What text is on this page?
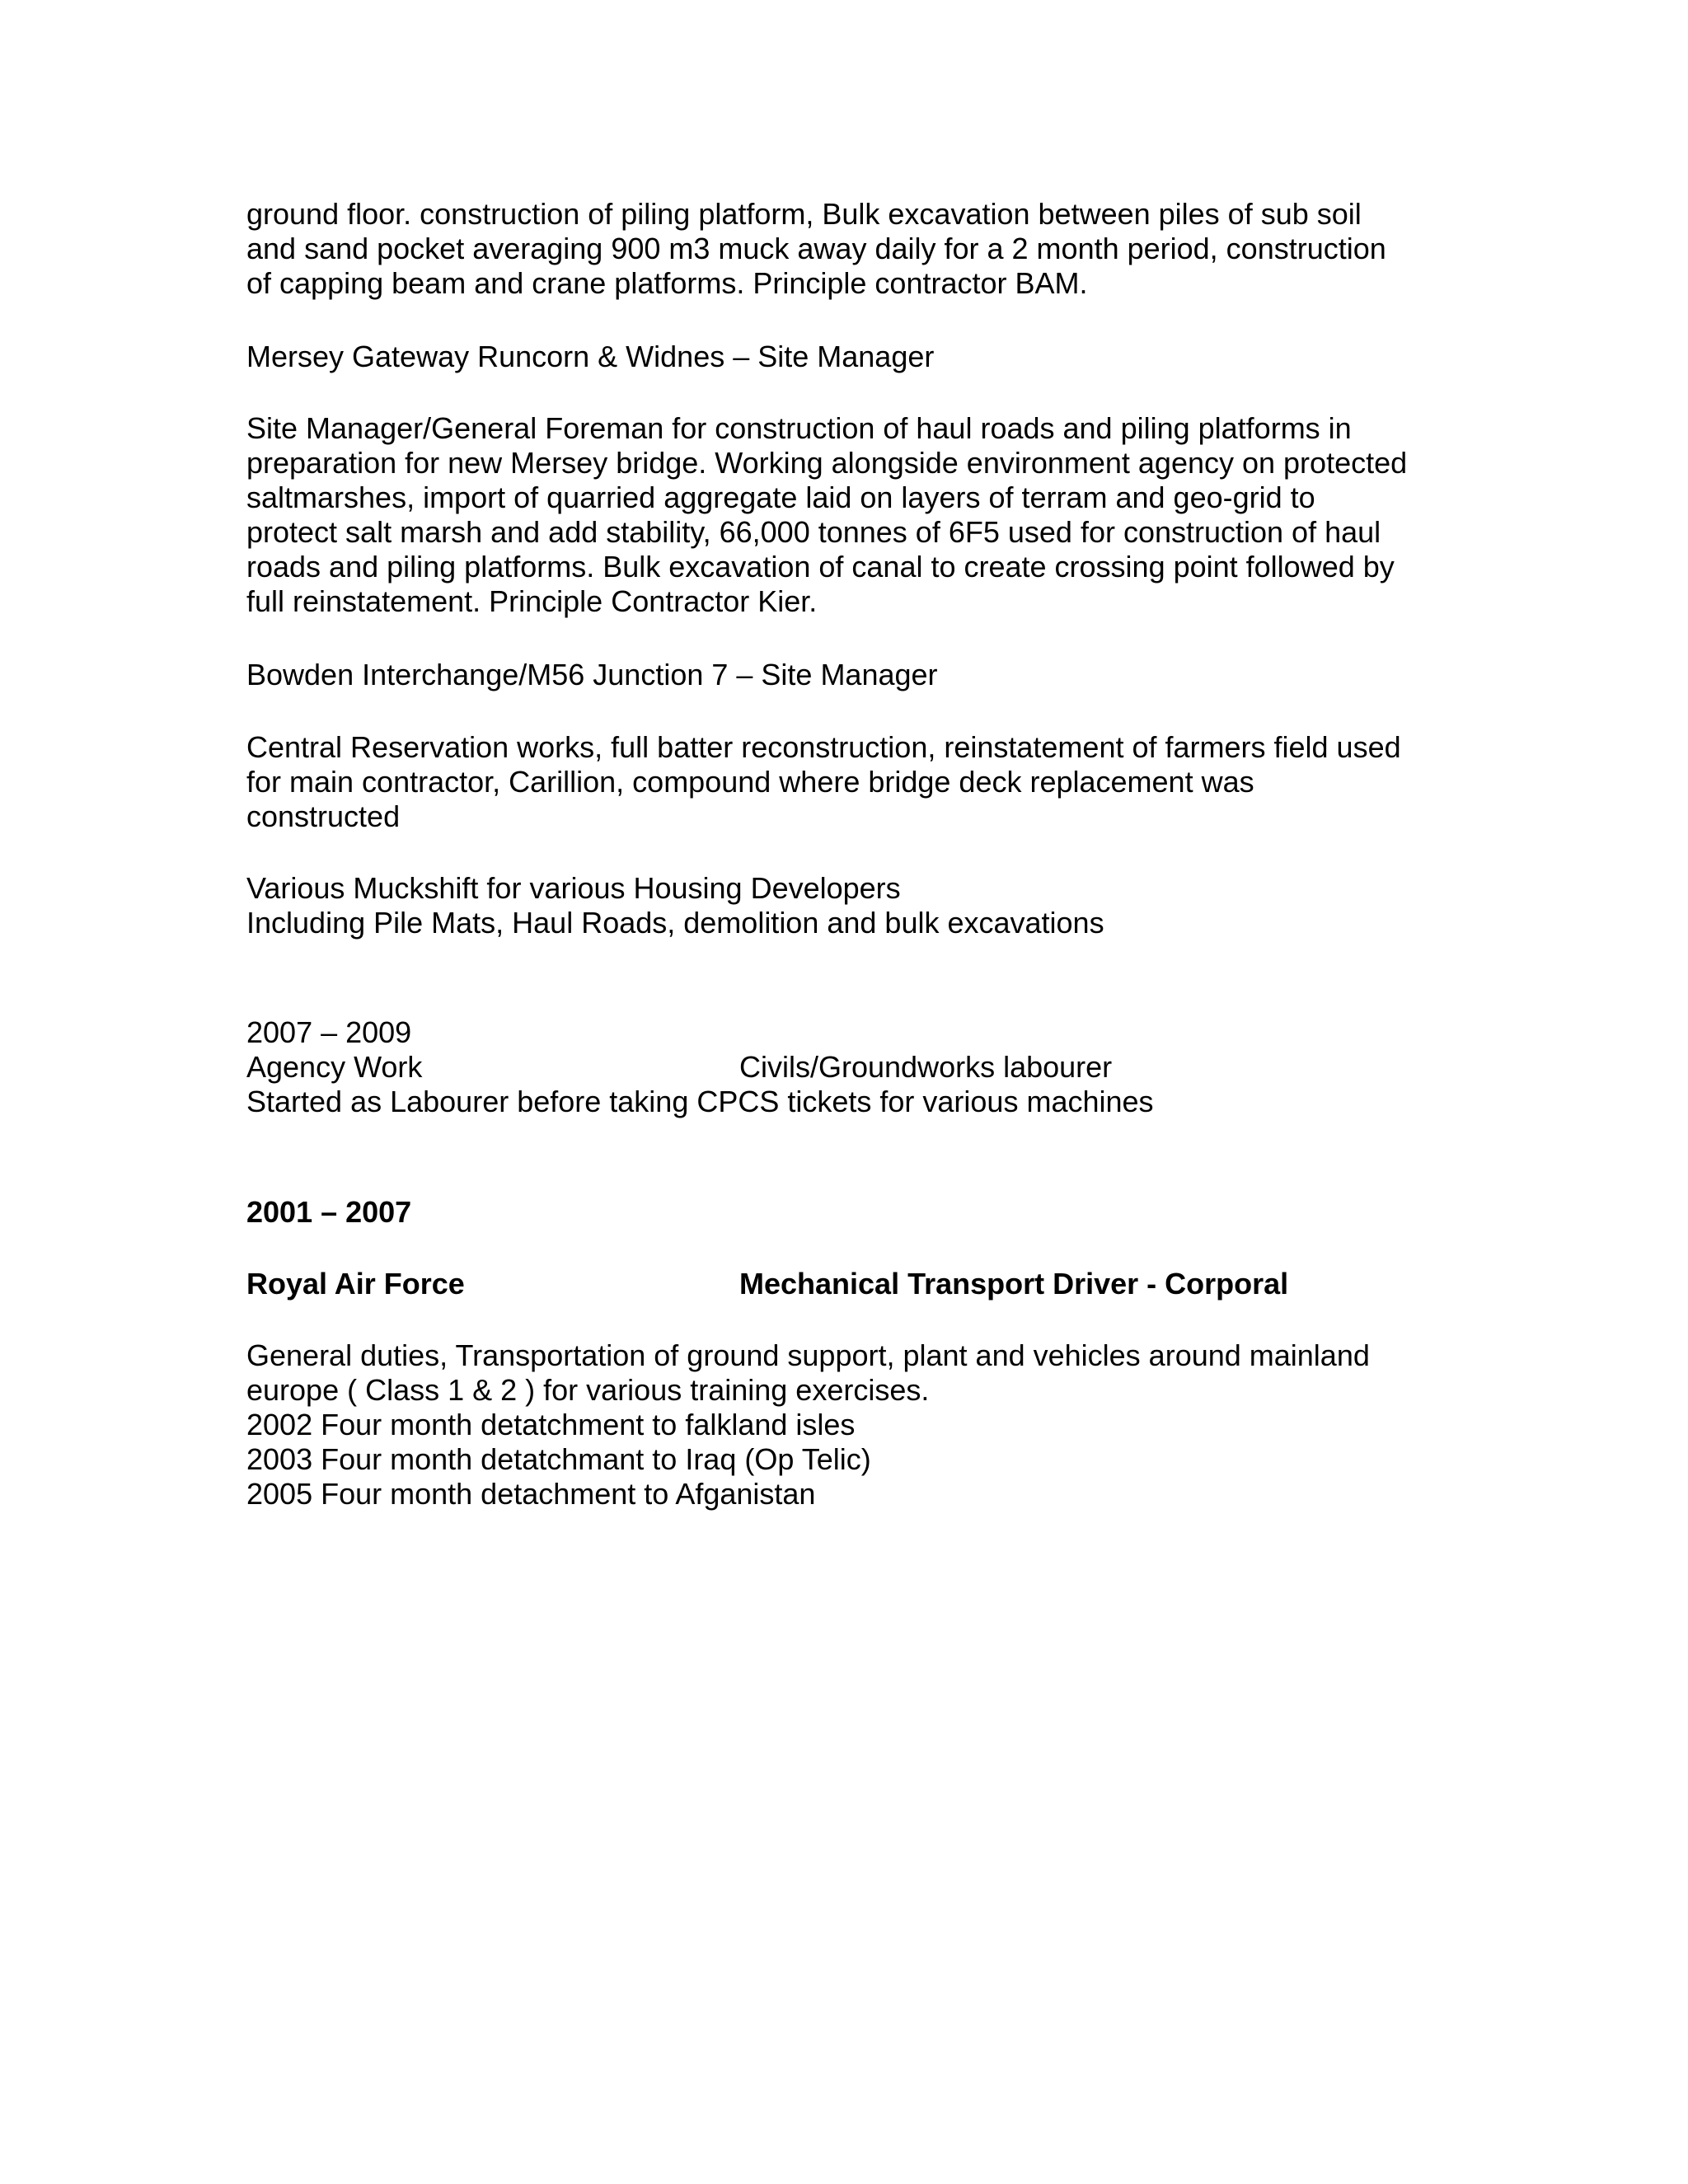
ground floor. construction of piling platform, Bulk excavation between piles of sub soil
and sand pocket averaging 900 m3 muck away daily for a 2 month period, construction
of capping beam and crane platforms. Principle contractor BAM.
Mersey Gateway Runcorn & Widnes – Site Manager
Site Manager/General Foreman for construction of haul roads and piling platforms in
preparation for new Mersey bridge. Working alongside environment agency on protected
saltmarshes, import of quarried aggregate laid on layers of terram and geo-grid to
protect salt marsh and add stability, 66,000 tonnes of 6F5 used for construction of haul
roads and piling platforms. Bulk excavation of canal to create crossing point followed by
full reinstatement. Principle Contractor Kier.
Bowden Interchange/M56 Junction 7 – Site Manager
Central Reservation works, full batter reconstruction, reinstatement of farmers field used
for main contractor, Carillion, compound where bridge deck replacement was
constructed
Various Muckshift for various Housing Developers
Including Pile Mats, Haul Roads, demolition and bulk excavations
2007 – 2009
Agency Work	Civils/Groundworks labourer
Started as Labourer before taking CPCS tickets for various machines
2001 – 2007
Royal Air Force	Mechanical Transport Driver - Corporal
General duties, Transportation of ground support, plant and vehicles around mainland
europe ( Class 1 & 2 ) for various training exercises.
2002 Four month detatchment to falkland isles
2003 Four month detatchmant to Iraq (Op Telic)
2005 Four month detachment to Afganistan
